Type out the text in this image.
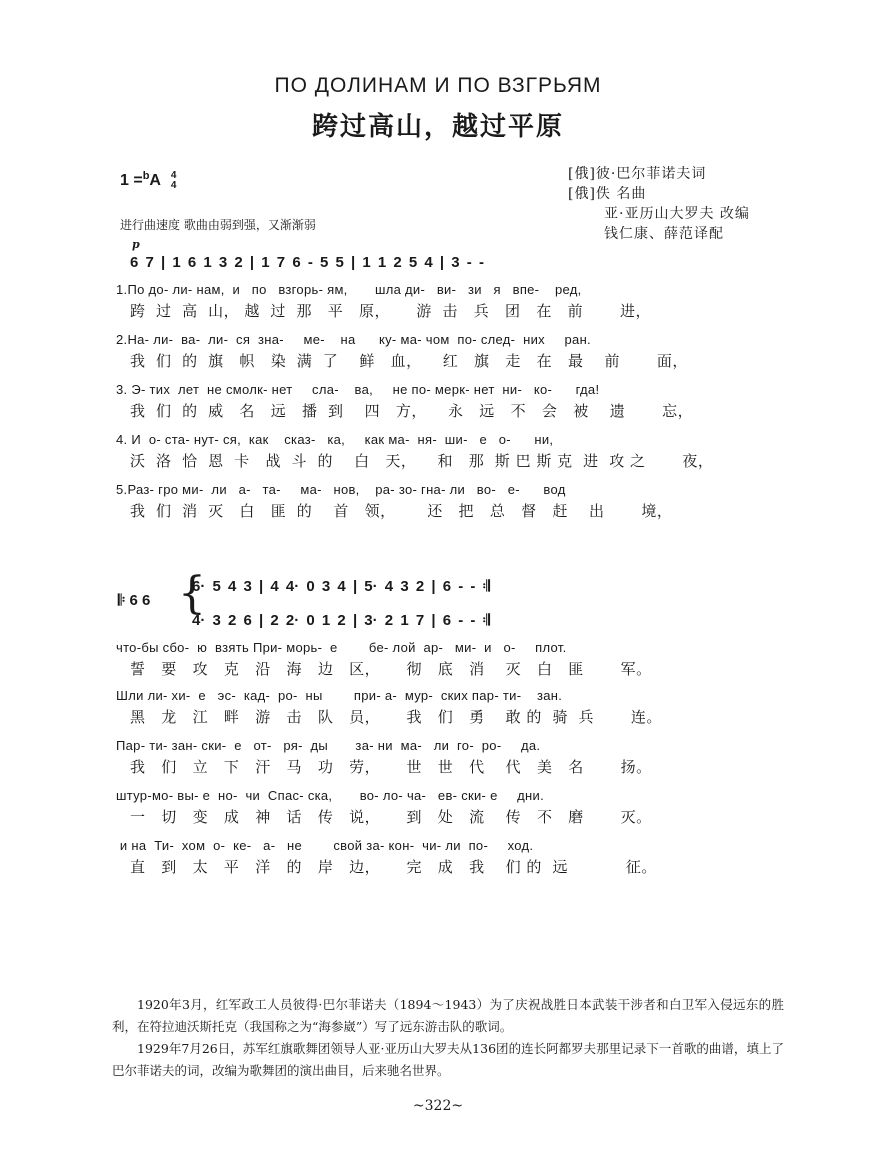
ПО ДОЛИНАМ И ПО ВЗГРЬЯМ
跨过高山，越过平原
1 =$^b$A 4
4
[俄]彼·巴尔菲诺夫词
[俄]佚 名曲
亚·亚历山大罗夫 改编
钱仁康、薛范译配
进行曲速度 歌曲由弱到强，又渐渐弱
p
6 7 | 1 6 1 3 2 | 1 7 6 - 5 5 | 1 1 2 5 4 | 3 - -
1.По до- ли- нам,  и   по   взгорь- ям,       шла ди-   ви-   зи   я   впе-    ред,
跨  过  高  山， 越  过  那   平   原，     游  击   兵   团   在   前       进，
2.На- ли-  ва-  ли-  ся  зна-     ме-    на      ку- ма- чом  по- след-  них     ран.
我  们  的  旗   帜   染  满  了    鲜   血，    红   旗   走   在   最    前       面，
3. Э- тих  лет  не смолк- нет     сла-    ва,     не по- мерк- нет  ни-   ко-      гда!
我  们  的  威   名   远   播  到    四   方，    永   远   不   会   被    遗       忘，
4. И  о- ста- нут- ся,  как    сказ-   ка,     как ма-  ня-  ши-   е   о-      ни,
沃  洛  恰  恩  卡   战  斗  的    白   天，    和   那  斯 巴 斯 克  进  攻 之       夜，
5.Раз- гро ми-  ли   а-   та-     ма-   нов,    ра- зо- гна- ли   во-   е-      вод
我  们  消  灭   白   匪  的    首   领，      还   把   总   督   赶    出       境，
𝄆 6 6 {
6· 5 4 3 | 4 4· 0 3 4 | 5· 4 3 2 | 6 - - 𝄇
4· 3 2 6 | 2 2· 0 1 2 | 3· 2 1 7 | 6 - - 𝄇
что-бы сбо-  ю  взять При- морь-  е        бе- лой  ар-   ми-  и   о-     плот.
誓   要   攻   克   沿   海   边   区，     彻   底   消    灭   白   匪       军。
Шли ли- хи-  е   эс-  кад-  ро-  ны        при- а-  мур-  ских пар- ти-    зан.
黑   龙   江   畔   游   击   队   员，     我   们   勇    敢 的  骑  兵       连。
Пар- ти- зан- ски-  е   от-   ря-  ды       за- ни  ма-   ли  го-  ро-     да.
我   们   立   下   汗   马   功   劳，     世   世   代    代   美   名       扬。
штур-мо- вы- е  но-  чи  Спас- ска,       во- ло- ча-   ев- ски- е     дни.
一   切   变   成   神   话   传   说，     到   处   流    传   不   磨       灭。
и на  Ти-  хом  о-  ке-   а-   не        свой за- кон-  чи- ли  по-     ход.
直   到   太   平   洋   的   岸   边，     完   成   我    们 的  远           征。
1920年3月，红军政工人员彼得·巴尔菲诺夫（1894～1943）为了庆祝战胜日本武装干涉者和白卫军入侵远东的胜利，在符拉迪沃斯托克（我国称之为“海参崴”）写了远东游击队的歌词。
1929年7月26日，苏军红旗歌舞团领导人亚·亚历山大罗夫从136团的连长阿都罗夫那里记录下一首歌的曲谱，填上了巴尔菲诺夫的词，改编为歌舞团的演出曲目，后来驰名世界。
~322~
